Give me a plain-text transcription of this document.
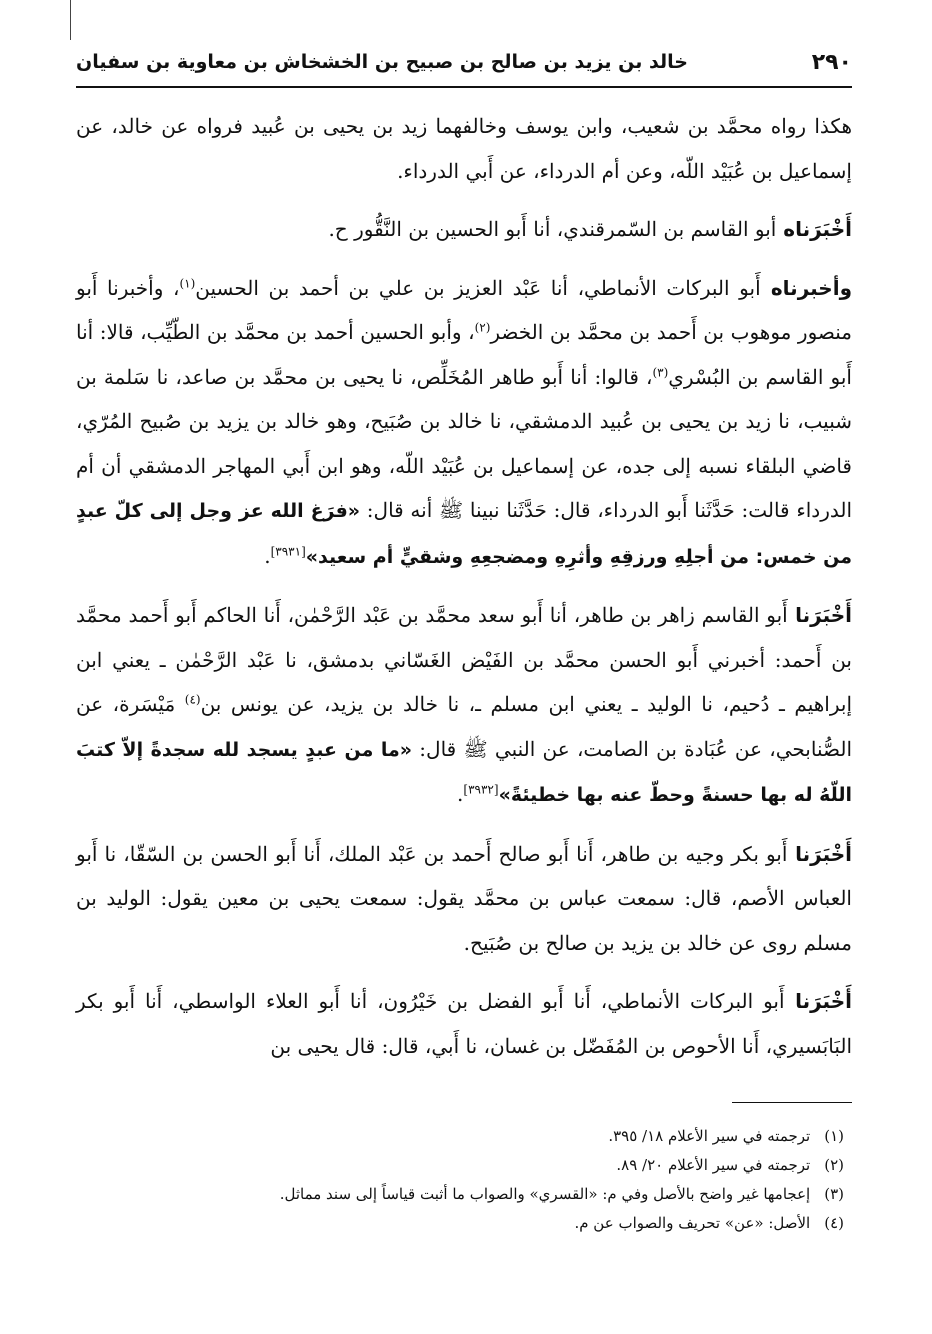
٢٩٠
خالد بن يزيد بن صالح بن صبيح بن الخشخاش بن معاوية بن سفيان

هكذا رواه محمَّد بن شعيب، وابن يوسف وخالفهما زيد بن يحيى بن عُبيد فرواه عن خالد، عن إسماعيل بن عُبَيْد اللّه، وعن أم الدرداء، عن أَبي الدرداء.

أَخْبَرَناه أبو القاسم بن السّمرقندي، أنا أَبو الحسين بن النَّقُّور ح.

وأخبرناه أَبو البركات الأنماطي، أنا عَبْد العزيز بن علي بن أحمد بن الحسين$^{(١)}$، وأخبرنا أَبو منصور موهوب بن أَحمد بن محمَّد بن الخضر$^{(٢)}$، وأبو الحسين أحمد بن محمَّد بن الطّيِّب، قالا: أنا أَبو القاسم بن البُسْري$^{(٣)}$، قالوا: أنا أَبو طاهر المُخَلِّص، نا يحيى بن محمَّد بن صاعد، نا سَلمة بن شبيب، نا زيد بن يحيى بن عُبيد الدمشقي، نا خالد بن صُبَيح، وهو خالد بن يزيد بن صُبيح المُرّي، قاضي البلقاء نسبه إلى جده، عن إسماعيل بن عُبَيْد اللّه، وهو ابن أَبي المهاجر الدمشقي أن أم الدرداء قالت: حَدَّثَنا أَبو الدرداء، قال: حَدَّثَنا نبينا ﷺ أنه قال: «فرَغ الله عز وجل إلى كلّ عبدٍ من خمس: من أجلِهِ ورزقِهِ وأثرِهِ ومضجعِهِ وشقيٍّ أم سعيد»[٣٩٣١].

أَخْبَرَنا أَبو القاسم زاهر بن طاهر، أنا أَبو سعد محمَّد بن عَبْد الرَّحْمٰن، أَنا الحاكم أَبو أَحمد محمَّد بن أَحمد: أخبرني أَبو الحسن محمَّد بن الفَيْض الغَسّاني بدمشق، نا عَبْد الرَّحْمٰن ـ يعني ابن إبراهيم ـ دُحيم، نا الوليد ـ يعني ابن مسلم ـ، نا خالد بن يزيد، عن يونس بن$^{(٤)}$ مَيْسَرة، عن الصُّنابحي، عن عُبَادة بن الصامت، عن النبي ﷺ قال: «ما من عبدٍ يسجد لله سجدةً إلاّ كتبَ اللّهُ له بها حسنةً وحطّ عنه بها خطيئةً»[٣٩٣٢].

أَخْبَرَنا أَبو بكر وجيه بن طاهر، أَنا أَبو صالح أَحمد بن عَبْد الملك، أَنا أَبو الحسن بن السّقّا، نا أَبو العباس الأصم، قال: سمعت عباس بن محمَّد يقول: سمعت يحيى بن معين يقول: الوليد بن مسلم روى عن خالد بن يزيد بن صالح بن صُبَيح.

أَخْبَرَنا أَبو البركات الأنماطي، أَنا أَبو الفضل بن خَيْرُون، أنا أَبو العلاء الواسطي، أَنا أَبو بكر البَابَسيري، أَنا الأحوص بن المُفَضّل بن غسان، نا أَبي، قال: قال يحيى بن

(١)
ترجمته في سير الأعلام ١٨/ ٣٩٥.
(٢)
ترجمته في سير الأعلام ٢٠/ ٨٩.
(٣)
إعجامها غير واضح بالأصل وفي م: «القسري» والصواب ما أثبت قياساً إلى سند مماثل.
(٤)
الأصل: «عن» تحريف والصواب عن م.
